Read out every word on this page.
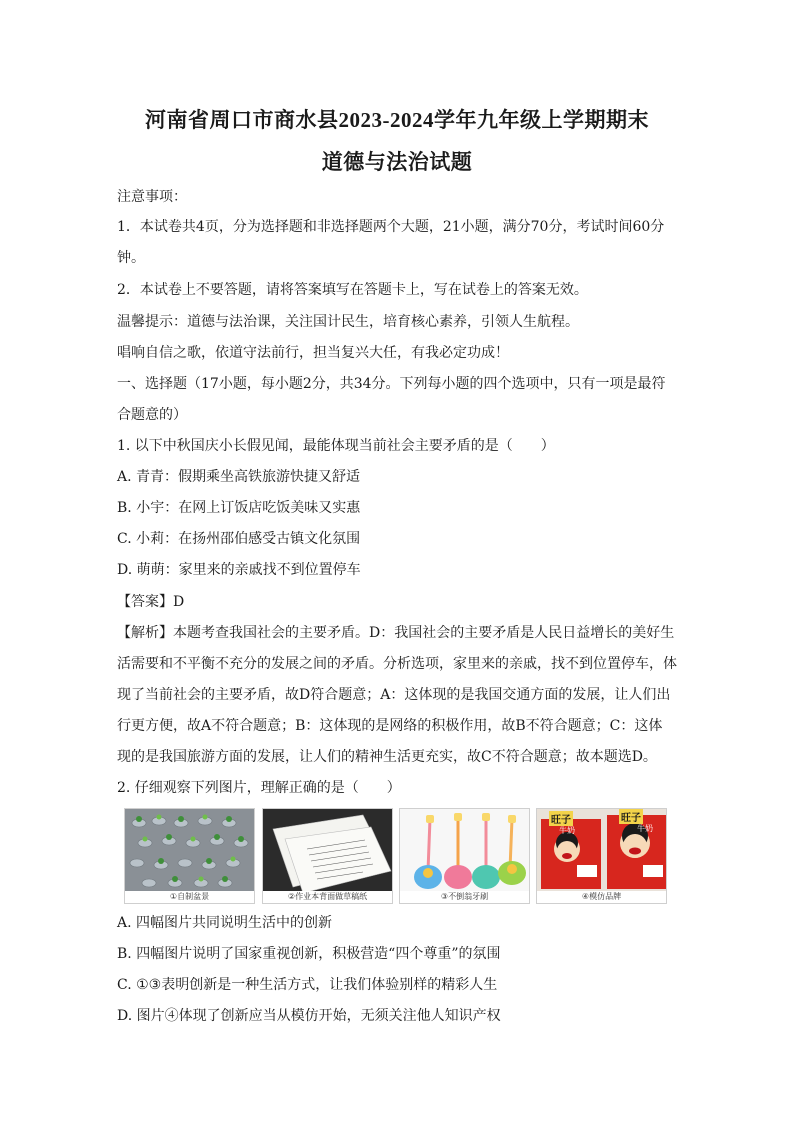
河南省周口市商水县2023-2024学年九年级上学期期末
道德与法治试题
注意事项：
1．本试卷共4页，分为选择题和非选择题两个大题，21小题，满分70分，考试时间60分
钟。
2．本试卷上不要答题，请将答案填写在答题卡上，写在试卷上的答案无效。
温馨提示：道德与法治课，关注国计民生，培育核心素养，引领人生航程。
唱响自信之歌，依道守法前行，担当复兴大任，有我必定功成！
一、选择题（17小题，每小题2分，共34分。下列每小题的四个选项中，只有一项是最符
合题意的）
1. 以下中秋国庆小长假见闻，最能体现当前社会主要矛盾的是（　　）
A. 青青：假期乘坐高铁旅游快捷又舒适
B. 小宇：在网上订饭店吃饭美味又实惠
C. 小莉：在扬州邵伯感受古镇文化氛围
D. 萌萌：家里来的亲戚找不到位置停车
【答案】D
【解析】本题考查我国社会的主要矛盾。D：我国社会的主要矛盾是人民日益增长的美好生
活需要和不平衡不充分的发展之间的矛盾。分析选项，家里来的亲戚，找不到位置停车，体
现了当前社会的主要矛盾，故D符合题意；A：这体现的是我国交通方面的发展，让人们出
行更方便，故A不符合题意；B：这体现的是网络的积极作用，故B不符合题意；C：这体
现的是我国旅游方面的发展，让人们的精神生活更充实，故C不符合题意；故本题选D。
2. 仔细观察下列图片，理解正确的是（　　）
①自制盆景	②作业本背面做草稿纸	③不倒翁牙刷
旺子	旺子
牛奶	牛奶
④模仿品牌
A. 四幅图片共同说明生活中的创新
B. 四幅图片说明了国家重视创新，积极营造“四个尊重”的氛围
C. ①③表明创新是一种生活方式，让我们体验别样的精彩人生
D. 图片④体现了创新应当从模仿开始，无须关注他人知识产权
